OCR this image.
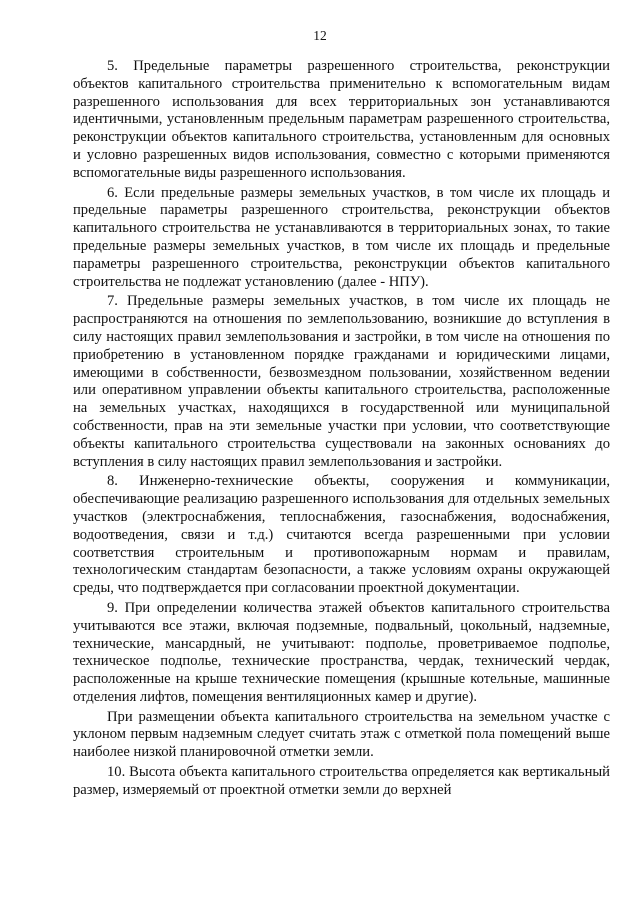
12

5. Предельные параметры разрешенного строительства, реконструкции объектов капитального строительства применительно к вспомогательным видам разрешенного использования для всех территориальных зон устанавливаются идентичными, установленным предельным параметрам разрешенного строительства, реконструкции объектов капитального строительства, установленным для основных и условно разрешенных видов использования, совместно с которыми применяются вспомогательные виды разрешенного использования.

6. Если предельные размеры земельных участков, в том числе их площадь и предельные параметры разрешенного строительства, реконструкции объектов капитального строительства не устанавливаются в территориальных зонах, то такие предельные размеры земельных участков, в том числе их площадь и предельные параметры разрешенного строительства, реконструкции объектов капитального строительства не подлежат установлению (далее - НПУ).

7. Предельные размеры земельных участков, в том числе их площадь не распространяются на отношения по землепользованию, возникшие до вступления в силу настоящих правил землепользования и застройки, в том числе на отношения по приобретению в установленном порядке гражданами и юридическими лицами, имеющими в собственности, безвозмездном пользовании, хозяйственном ведении или оперативном управлении объекты капитального строительства, расположенные на земельных участках, находящихся в государственной или муниципальной собственности, прав на эти земельные участки при условии, что соответствующие объекты капитального строительства существовали на законных основаниях до вступления в силу настоящих правил землепользования и застройки.

8. Инженерно-технические объекты, сооружения и коммуникации, обеспечивающие реализацию разрешенного использования для отдельных земельных участков (электроснабжения, теплоснабжения, газоснабжения, водоснабжения, водоотведения, связи и т.д.) считаются всегда разрешенными при условии соответствия строительным и противопожарным нормам и правилам, технологическим стандартам безопасности, а также условиям охраны окружающей среды, что подтверждается при согласовании проектной документации.

9. При определении количества этажей объектов капитального строительства учитываются все этажи, включая подземные, подвальный, цокольный, надземные, технические, мансардный, не учитывают: подполье, проветриваемое подполье, техническое подполье, технические пространства, чердак, технический чердак, расположенные на крыше технические помещения (крышные котельные, машинные отделения лифтов, помещения вентиляционных камер и другие).

При размещении объекта капитального строительства на земельном участке с уклоном первым надземным следует считать этаж с отметкой пола помещений выше наиболее низкой планировочной отметки земли.

10. Высота объекта капитального строительства определяется как вертикальный размер, измеряемый от проектной отметки земли до верхней
